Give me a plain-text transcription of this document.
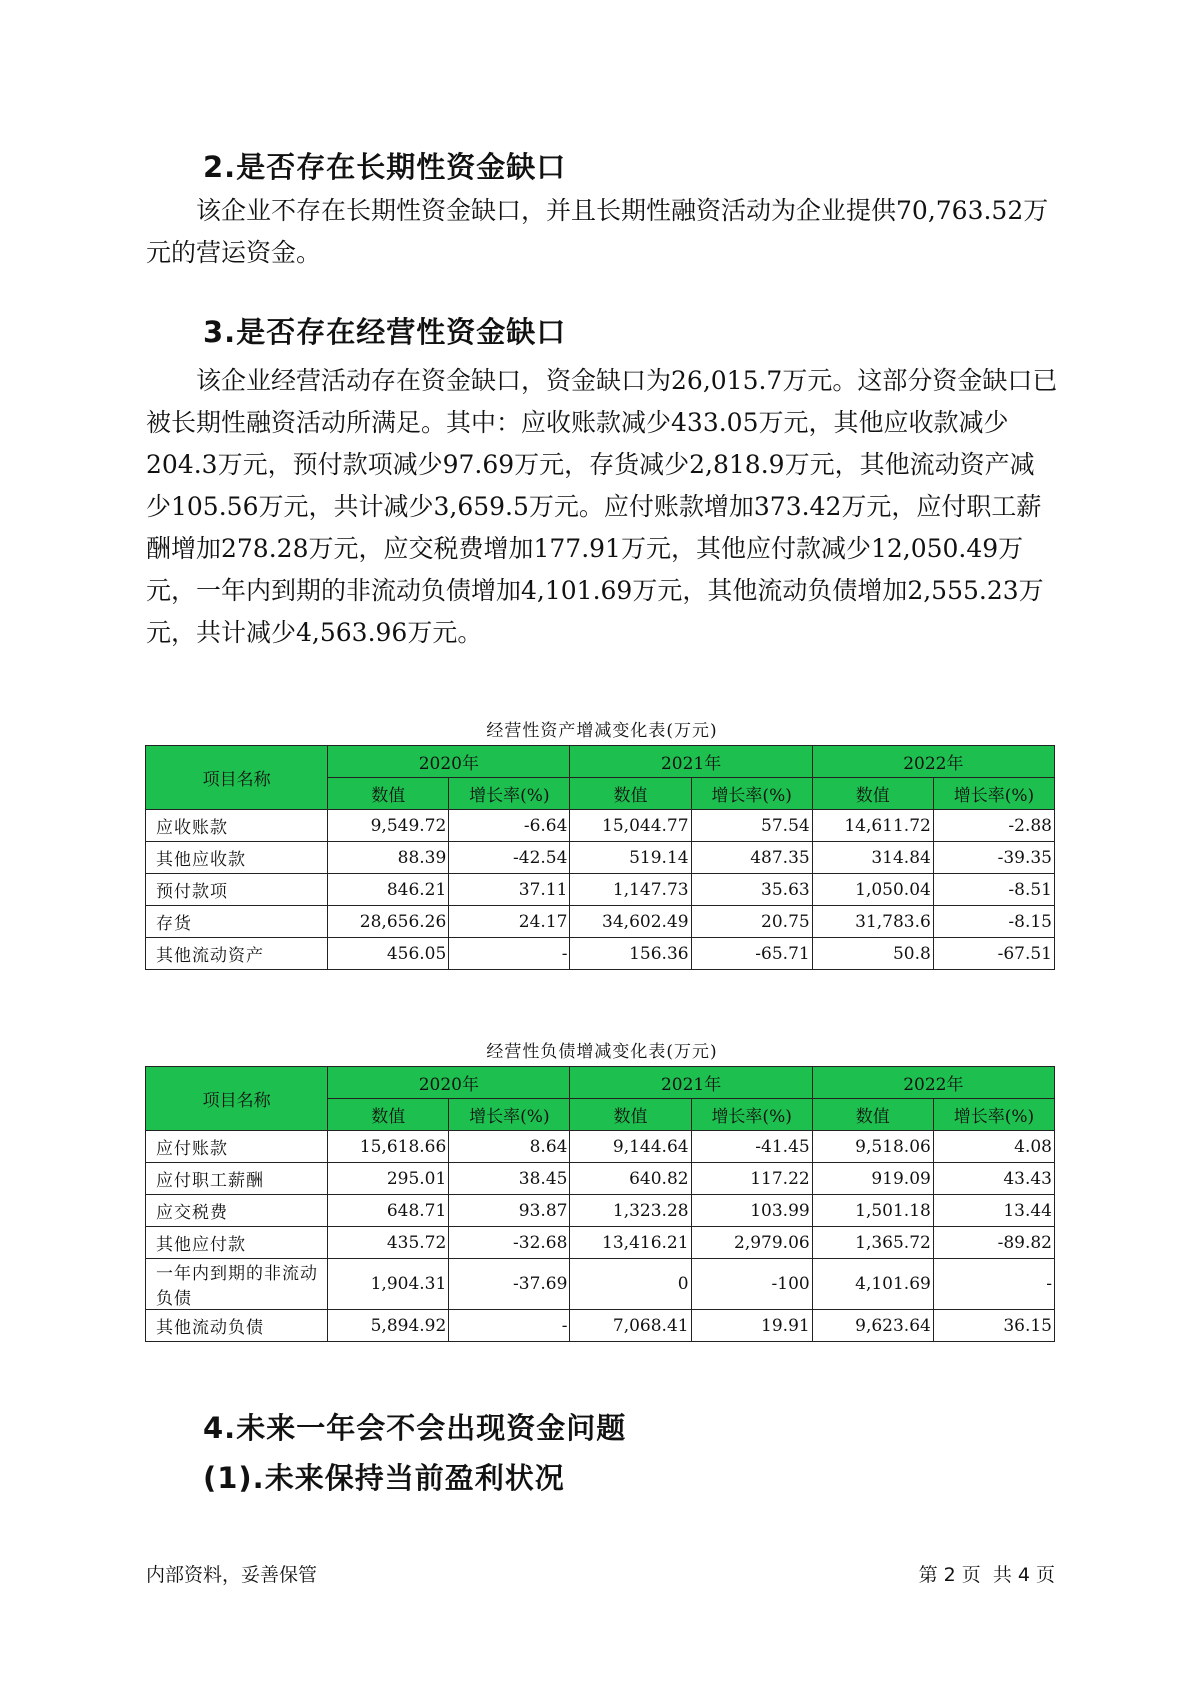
2.是否存在长期性资金缺口

该企业不存在长期性资金缺口，并且长期性融资活动为企业提供70,763.52万元的营运资金。

3.是否存在经营性资金缺口

该企业经营活动存在资金缺口，资金缺口为26,015.7万元。这部分资金缺口已被长期性融资活动所满足。其中：应收账款减少433.05万元，其他应收款减少204.3万元，预付款项减少97.69万元，存货减少2,818.9万元，其他流动资产减少105.56万元，共计减少3,659.5万元。应付账款增加373.42万元，应付职工薪酬增加278.28万元，应交税费增加177.91万元，其他应付款减少12,050.49万元，一年内到期的非流动负债增加4,101.69万元，其他流动负债增加2,555.23万元，共计减少4,563.96万元。

经营性资产增减变化表(万元)
项目名称	2020年		2021年		2022年	
	数值	增长率(%)	数值	增长率(%)	数值	增长率(%)
应收账款	9,549.72	-6.64	15,044.77	57.54	14,611.72	-2.88
其他应收款	88.39	-42.54	519.14	487.35	314.84	-39.35
预付款项	846.21	37.11	1,147.73	35.63	1,050.04	-8.51
存货	28,656.26	24.17	34,602.49	20.75	31,783.6	-8.15
其他流动资产	456.05	-	156.36	-65.71	50.8	-67.51
经营性负债增减变化表(万元)
项目名称	2020年		2021年		2022年	
	数值	增长率(%)	数值	增长率(%)	数值	增长率(%)
应付账款	15,618.66	8.64	9,144.64	-41.45	9,518.06	4.08
应付职工薪酬	295.01	38.45	640.82	117.22	919.09	43.43
应交税费	648.71	93.87	1,323.28	103.99	1,501.18	13.44
其他应付款	435.72	-32.68	13,416.21	2,979.06	1,365.72	-89.82
一年内到期的非流动负债	1,904.31	-37.69	0	-100	4,101.69	-
其他流动负债	5,894.92	-	7,068.41	19.91	9,623.64	36.15
4.未来一年会不会出现资金问题
(1).未来保持当前盈利状况
内部资料，妥善保管	第 2 页  共 4 页
